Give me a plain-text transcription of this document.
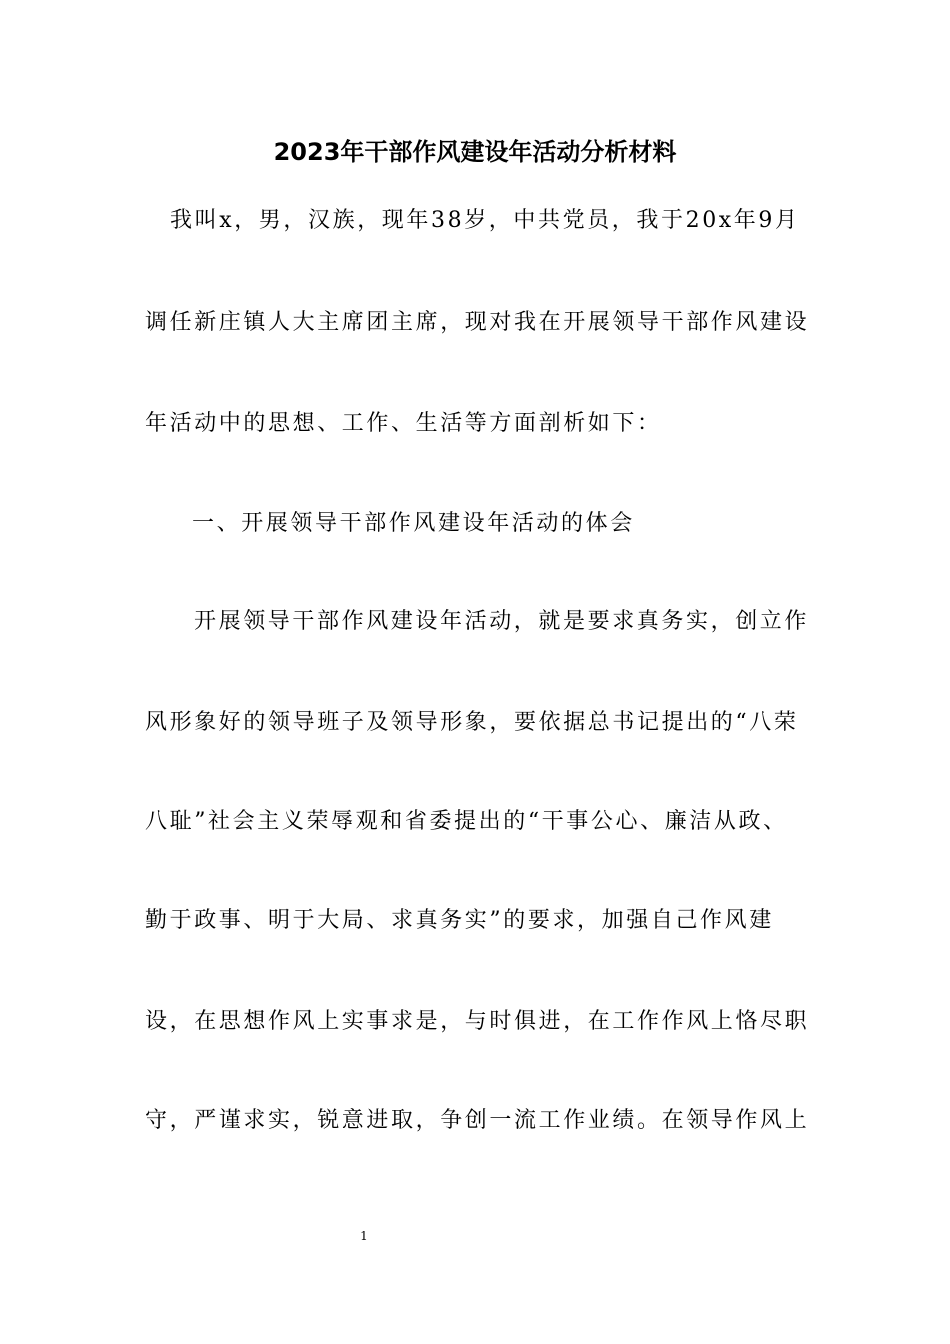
2023年干部作风建设年活动分析材料
我叫x，男，汉族，现年38岁，中共党员，我于20x年9月
调任新庄镇人大主席团主席，现对我在开展领导干部作风建设
年活动中的思想、工作、生活等方面剖析如下：
一、开展领导干部作风建设年活动的体会
开展领导干部作风建设年活动，就是要求真务实，创立作
风形象好的领导班子及领导形象，要依据总书记提出的“八荣
八耻”社会主义荣辱观和省委提出的“干事公心、廉洁从政、
勤于政事、明于大局、求真务实”的要求，加强自己作风建
设，在思想作风上实事求是，与时俱进，在工作作风上恪尽职
守，严谨求实，锐意进取，争创一流工作业绩。在领导作风上
1
